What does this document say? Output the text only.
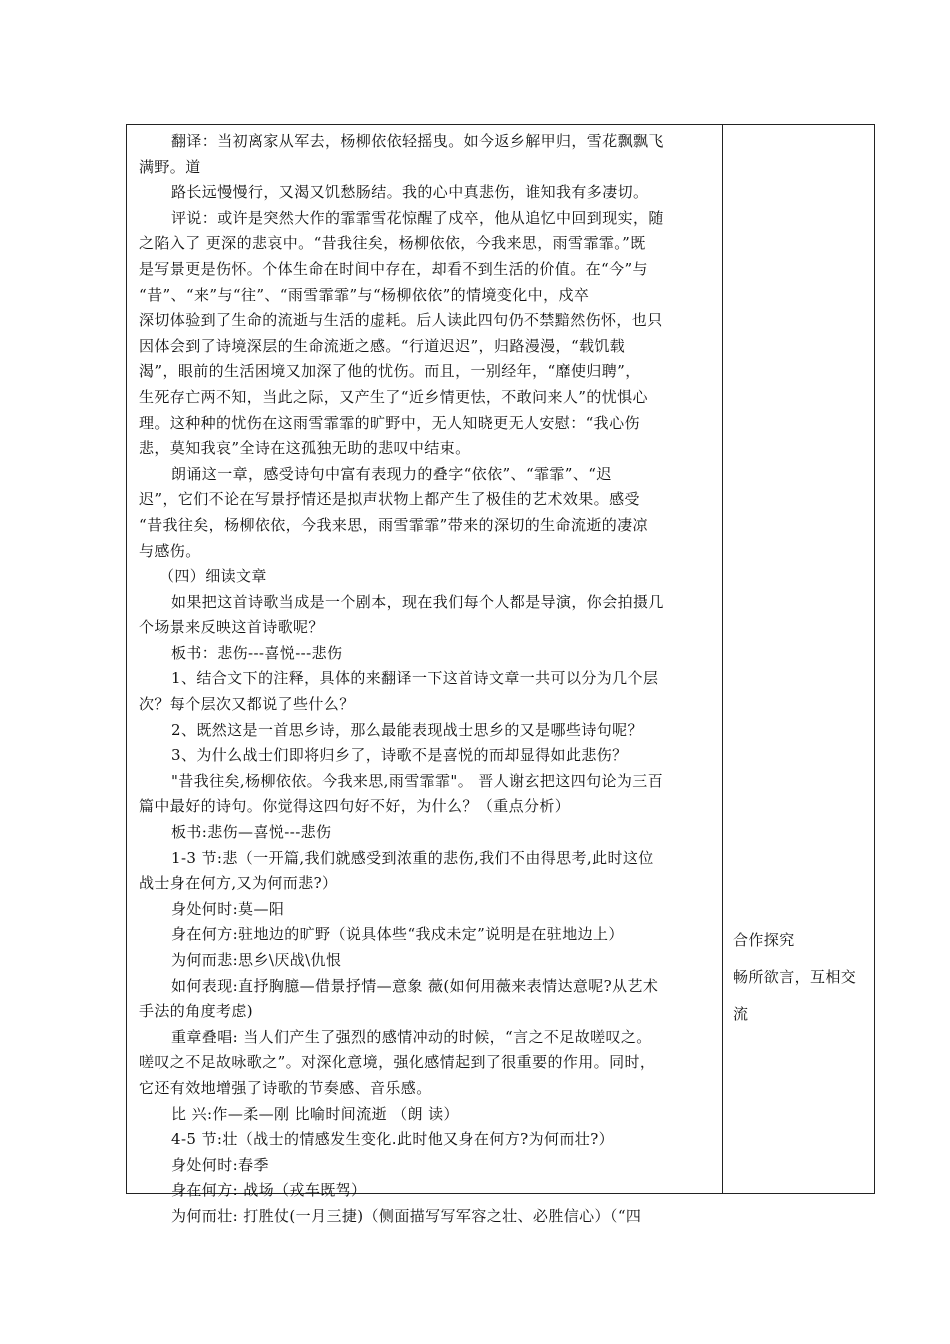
翻译：当初离家从军去，杨柳依依轻摇曳。如今返乡解甲归，雪花飘飘飞
满野。道
路长远慢慢行，又渴又饥愁肠结。我的心中真悲伤，谁知我有多凄切。
评说：或许是突然大作的霏霏雪花惊醒了戍卒，他从追忆中回到现实，随
之陷入了 更深的悲哀中。“昔我往矣，杨柳依依，今我来思，雨雪霏霏。”既
是写景更是伤怀。个体生命在时间中存在，却看不到生活的价值。在“今”与
“昔”、“来”与“往”、“雨雪霏霏”与“杨柳依依”的情境变化中，戍卒
深切体验到了生命的流逝与生活的虚耗。后人读此四句仍不禁黯然伤怀，也只
因体会到了诗境深层的生命流逝之感。“行道迟迟”，归路漫漫，“载饥载
渴”，眼前的生活困境又加深了他的忧伤。而且，一别经年，“靡使归聘”，
生死存亡两不知，当此之际，又产生了“近乡情更怯，不敢问来人”的忧惧心
理。这种种的忧伤在这雨雪霏霏的旷野中，无人知晓更无人安慰：“我心伤
悲，莫知我哀”全诗在这孤独无助的悲叹中结束。
朗诵这一章，感受诗句中富有表现力的叠字“依依”、“霏霏”、“迟
迟”，它们不论在写景抒情还是拟声状物上都产生了极佳的艺术效果。感受
“昔我往矣，杨柳依依，今我来思，雨雪霏霏”带来的深切的生命流逝的凄凉
与感伤。
（四）细读文章
如果把这首诗歌当成是一个剧本，现在我们每个人都是导演，你会拍摄几
个场景来反映这首诗歌呢？
板书：悲伤---喜悦---悲伤
1、结合文下的注释，具体的来翻译一下这首诗文章一共可以分为几个层
次？每个层次又都说了些什么？
2、既然这是一首思乡诗，那么最能表现战士思乡的又是哪些诗句呢？
3、为什么战士们即将归乡了，诗歌不是喜悦的而却显得如此悲伤？
"昔我往矣,杨柳依依。今我来思,雨雪霏霏"。 晋人谢玄把这四句论为三百
篇中最好的诗句。你觉得这四句好不好，为什么？（重点分析）
板书:悲伤—喜悦---悲伤
1-3 节:悲（一开篇,我们就感受到浓重的悲伤,我们不由得思考,此时这位
战士身在何方,又为何而悲?）
身处何时:莫—阳
身在何方:驻地边的旷野（说具体些“我戍未定”说明是在驻地边上）
为何而悲:思乡\厌战\仇恨
如何表现:直抒胸臆—借景抒情—意象 薇(如何用薇来表情达意呢?从艺术
手法的角度考虑)
重章叠唱: 当人们产生了强烈的感情冲动的时候，“言之不足故嗟叹之。
嗟叹之不足故咏歌之”。对深化意境，强化感情起到了很重要的作用。同时，
它还有效地增强了诗歌的节奏感、音乐感。
比 兴:作—柔—刚 比喻时间流逝 （朗 读）
4-5 节:壮（战士的情感发生变化.此时他又身在何方?为何而壮?）
身处何时:春季
身在何方: 战场（戎车既驾）
为何而壮: 打胜仗(一月三捷)（侧面描写写军容之壮、必胜信心）（“四
合作探究
畅所欲言，互相交
流
